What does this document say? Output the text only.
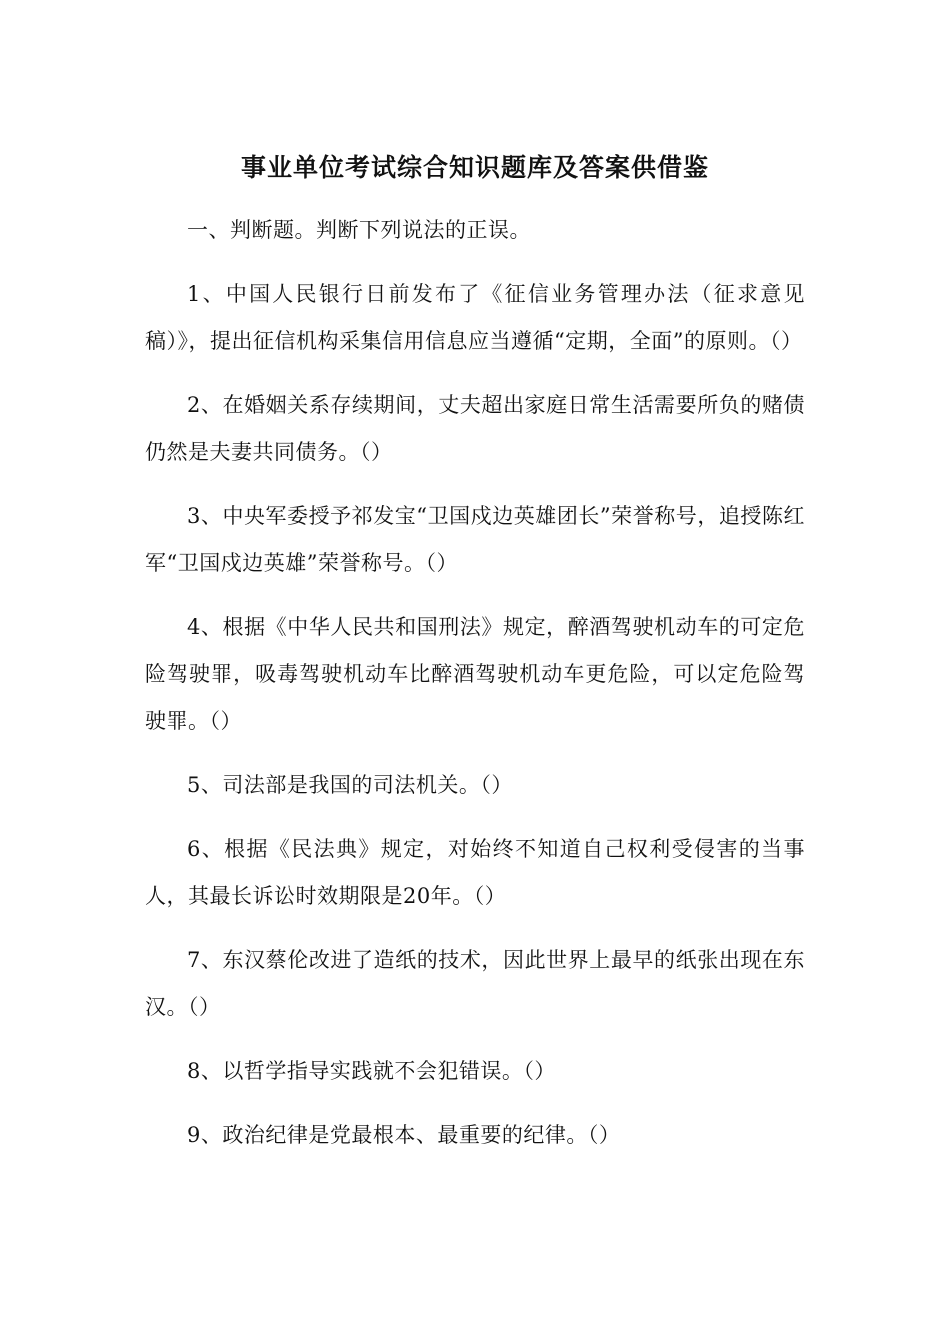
事业单位考试综合知识题库及答案供借鉴

一、判断题。判断下列说法的正误。

1、中国人民银行日前发布了《征信业务管理办法（征求意见稿）》，提出征信机构采集信用信息应当遵循“定期，全面”的原则。（）

2、在婚姻关系存续期间，丈夫超出家庭日常生活需要所负的赌债仍然是夫妻共同债务。（）

3、中央军委授予祁发宝“卫国戍边英雄团长”荣誉称号，追授陈红军“卫国戍边英雄”荣誉称号。（）

4、根据《中华人民共和国刑法》规定，醉酒驾驶机动车的可定危险驾驶罪，吸毒驾驶机动车比醉酒驾驶机动车更危险，可以定危险驾驶罪。（）

5、司法部是我国的司法机关。（）

6、根据《民法典》规定，对始终不知道自己权利受侵害的当事人，其最长诉讼时效期限是20年。（）

7、东汉蔡伦改进了造纸的技术，因此世界上最早的纸张出现在东汉。（）

8、以哲学指导实践就不会犯错误。（）

9、政治纪律是党最根本、最重要的纪律。（）
